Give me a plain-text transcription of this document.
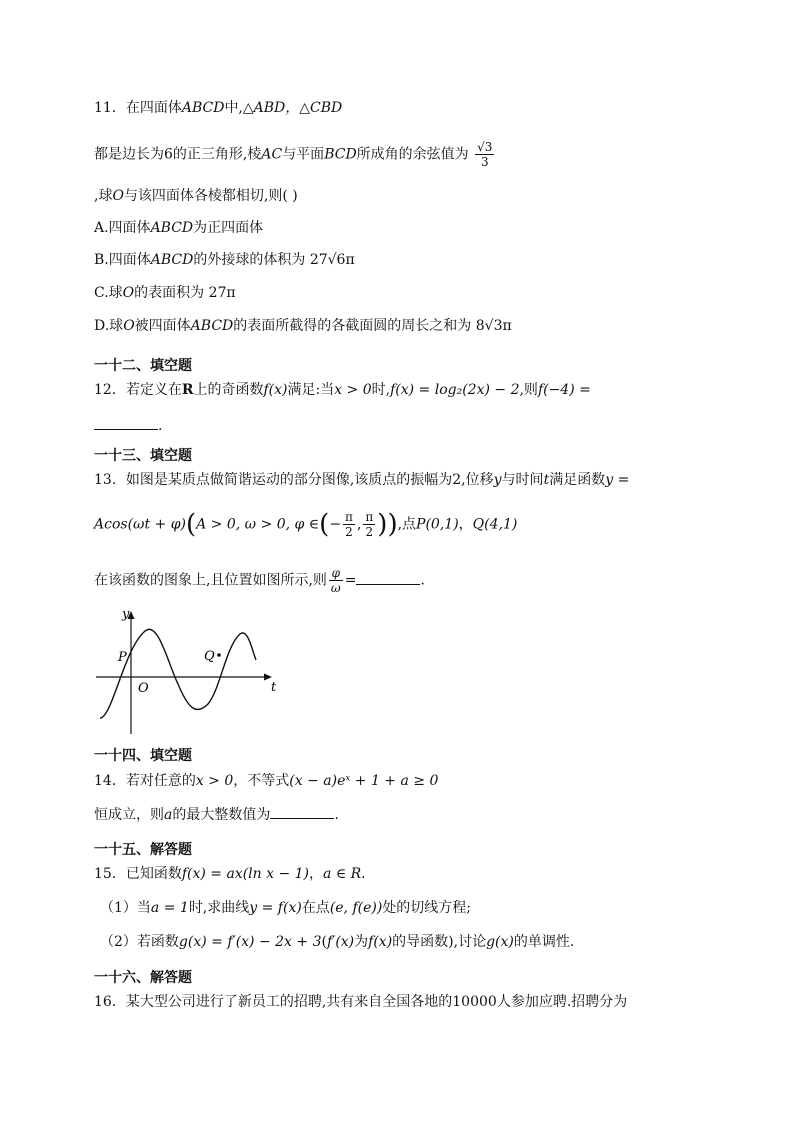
11．在四面体ABCD中,△ABD，△CBD
都是边长为6的正三角形,棱AC与平面BCD所成角的余弦值为 $\frac{√3}{3}$
,球O与该四面体各棱都相切,则( )
A.四面体ABCD为正四面体
B.四面体ABCD的外接球的体积为 27√6π
C.球O的表面积为 27π
D.球O被四面体ABCD的表面所截得的各截面圆的周长之和为 8√3π
一十二、填空题
12．若定义在R上的奇函数f(x)满足:当x > 0时,f(x) = log₂(2x) − 2,则f(−4) =
.
一十三、填空题
13．如图是某质点做简谐运动的部分图像,该质点的振幅为2,位移y与时间t满足函数y =
Acos(ωt + φ)(A > 0, ω > 0, φ ∈(− $\frac{\pi}{2}$ , $\frac{\pi}{2}$ )),点P(0,1)，Q(4,1)
在该函数的图象上,且位置如图所示,则 $\frac{\varphi}{\omega}$ =	.
y
t
O
P	Q
一十四、填空题
14．若对任意的x > 0，不等式(x − a)eˣ + 1 + a ≥ 0
恒成立，则a的最大整数值为	.
一十五、解答题
15．已知函数f(x) = ax(ln x − 1)，a ∈ R.
（1）当a = 1时,求曲线y = f(x)在点(e, f(e))处的切线方程;
（2）若函数g(x) = f′(x) − 2x + 3(f′(x)为f(x)的导函数),讨论g(x)的单调性.
一十六、解答题
16．某大型公司进行了新员工的招聘,共有来自全国各地的10000人参加应聘.招聘分为
